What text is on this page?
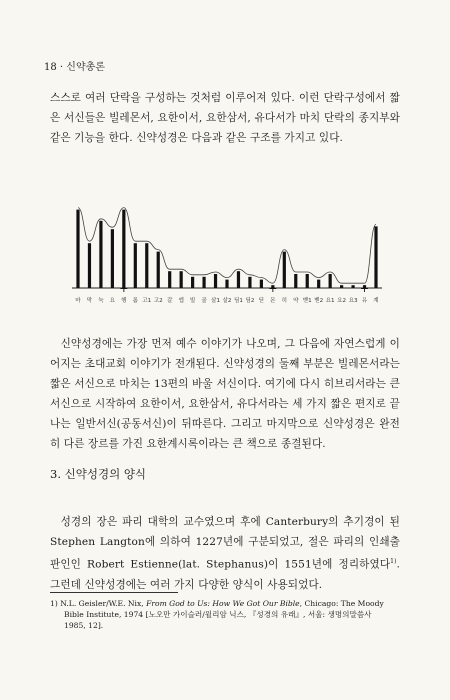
18 · 신약총론

스스로 여러 단락을 구성하는 것처럼 이루어져 있다. 이런 단락구성에서 짧은 서신들은 빌레몬서, 요한이서, 요한삼서, 유다서가 마치 단락의 종지부와 같은 기능을 한다. 신약성경은 다음과 같은 구조를 가지고 있다.

마 막 눅 요 행 롬 고1 고2 갈 엡 빌 골 살1 살2 딤1 딤2 딛 몬 히 약 벧1 벧2 요1 요2 요3 유 계
+	+	+

신약성경에는 가장 먼저 예수 이야기가 나오며, 그 다음에 자연스럽게 이어지는 초대교회 이야기가 전개된다. 신약성경의 둘째 부분은 빌레몬서라는 짧은 서신으로 마치는 13편의 바울 서신이다. 여기에 다시 히브리서라는 큰 서신으로 시작하여 요한이서, 요한삼서, 유다서라는 세 가지 짧은 편지로 끝나는 일반서신(공동서신)이 뒤따른다. 그리고 마지막으로 신약성경은 완전히 다른 장르를 가진 요한계시록이라는 큰 책으로 종결된다.

3. 신약성경의 양식

성경의 장은 파리 대학의 교수였으며 후에 Canterbury의 추기경이 된 Stephen Langton에 의하여 1227년에 구분되었고, 절은 파리의 인쇄출판인인 Robert Estienne(lat. Stephanus)이 1551년에 정리하였다$^{1)}$. 그런데 신약성경에는 여러 가지 다양한 양식이 사용되었다.

1) N.L. Geisler/W.E. Nix, From God to Us: How We Got Our Bible, Chicago: The Moody
Bible Institute, 1974 [노오만 가이슬러/윌리암 닉스, 『성경의 유래』, 서울: 생명의말씀사
1985, 12].
